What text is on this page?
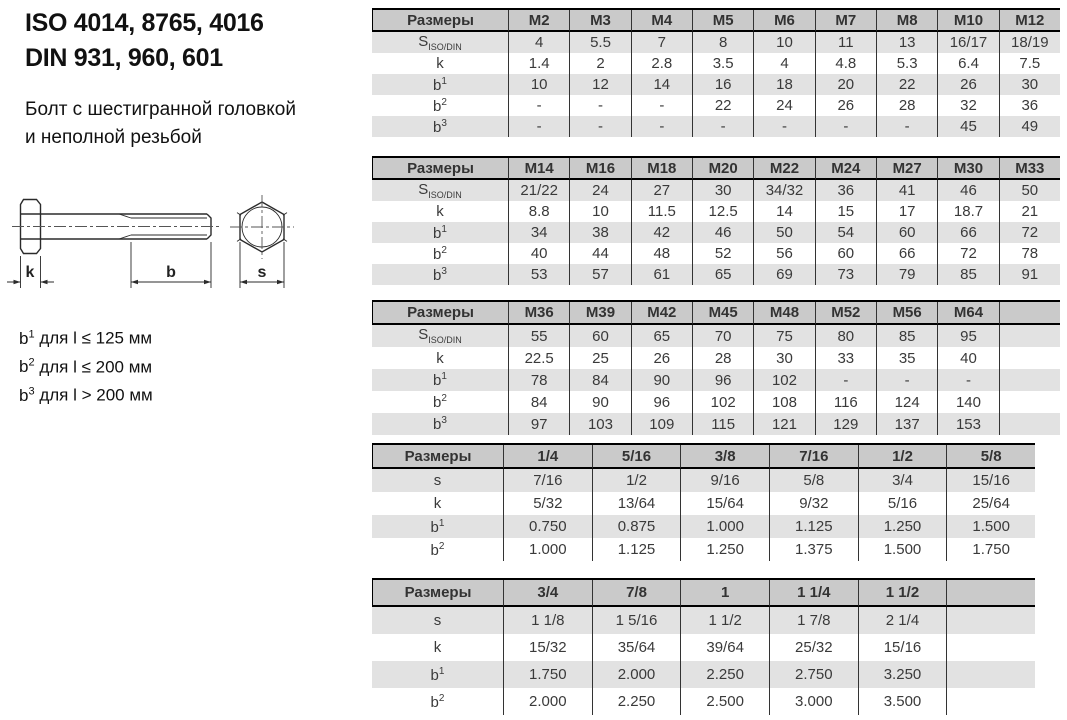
ISO 4014, 8765, 4016
DIN 931, 960, 601
Болт с шестигранной головкой
и неполной резьбой
k	b	s
$b^1$ для l ≤ 125 мм
$b^2$ для l ≤ 200 мм
$b^3$ для l > 200 мм
Размеры	M2	M3	M4	M5	M6	M7	M8	M10	M12
$S_{ISO/DIN}$	4	5.5	7	8	10	11	13	16/17	18/19
k	1.4	2	2.8	3.5	4	4.8	5.3	6.4	7.5
$b^1$	10	12	14	16	18	20	22	26	30
$b^2$	-	-	-	22	24	26	28	32	36
$b^3$	-	-	-	-	-	-	-	45	49
Размеры	M14	M16	M18	M20	M22	M24	M27	M30	M33
$S_{ISO/DIN}$	21/22	24	27	30	34/32	36	41	46	50
k	8.8	10	11.5	12.5	14	15	17	18.7	21
$b^1$	34	38	42	46	50	54	60	66	72
$b^2$	40	44	48	52	56	60	66	72	78
$b^3$	53	57	61	65	69	73	79	85	91
Размеры	M36	M39	M42	M45	M48	M52	M56	M64
$S_{ISO/DIN}$	55	60	65	70	75	80	85	95
k	22.5	25	26	28	30	33	35	40
$b^1$	78	84	90	96	102	-	-	-
$b^2$	84	90	96	102	108	116	124	140
$b^3$	97	103	109	115	121	129	137	153
Размеры	1/4	5/16	3/8	7/16	1/2	5/8
s	7/16	1/2	9/16	5/8	3/4	15/16
k	5/32	13/64	15/64	9/32	5/16	25/64
$b^1$	0.750	0.875	1.000	1.125	1.250	1.500
$b^2$	1.000	1.125	1.250	1.375	1.500	1.750
Размеры	3/4	7/8	1	1 1/4	1 1/2
s	1 1/8	1 5/16	1 1/2	1 7/8	2 1/4
k	15/32	35/64	39/64	25/32	15/16
$b^1$	1.750	2.000	2.250	2.750	3.250
$b^2$	2.000	2.250	2.500	3.000	3.500
